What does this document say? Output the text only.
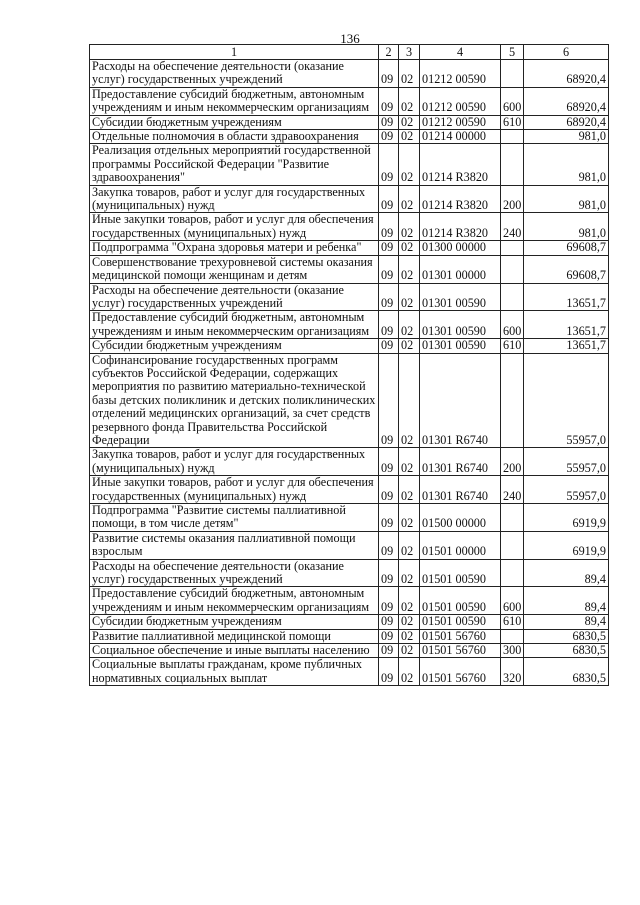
136
1	2	3	4	5	6
Расходы на обеспечение деятельности (оказание услуг) государственных учреждений	09	02	01212 00590		68920,4
Предоставление субсидий бюджетным, автономным учреждениям и иным некоммерческим организациям	09	02	01212 00590	600	68920,4
Субсидии бюджетным учреждениям	09	02	01212 00590	610	68920,4
Отдельные полномочия в области здравоохранения	09	02	01214 00000		981,0
Реализация отдельных мероприятий государственной программы Российской Федерации "Развитие здравоохранения"	09	02	01214 R3820		981,0
Закупка товаров, работ и услуг для государственных (муниципальных) нужд	09	02	01214 R3820	200	981,0
Иные закупки товаров, работ и услуг для обеспечения государственных (муниципальных) нужд	09	02	01214 R3820	240	981,0
Подпрограмма "Охрана здоровья матери и ребенка"	09	02	01300 00000		69608,7
Совершенствование трехуровневой системы оказания медицинской помощи женщинам и детям	09	02	01301 00000		69608,7
Расходы на обеспечение деятельности (оказание услуг) государственных учреждений	09	02	01301 00590		13651,7
Предоставление субсидий бюджетным, автономным учреждениям и иным некоммерческим организациям	09	02	01301 00590	600	13651,7
Субсидии бюджетным учреждениям	09	02	01301 00590	610	13651,7
Софинансирование государственных программ субъектов Российской Федерации, содержащих мероприятия по развитию материально-технической базы детских поликлиник и детских поликлинических отделений медицинских организаций, за счет средств резервного фонда Правительства Российской Федерации	09	02	01301 R6740		55957,0
Закупка товаров, работ и услуг для государственных (муниципальных) нужд	09	02	01301 R6740	200	55957,0
Иные закупки товаров, работ и услуг для обеспечения государственных (муниципальных) нужд	09	02	01301 R6740	240	55957,0
Подпрограмма "Развитие системы паллиативной помощи, в том числе детям"	09	02	01500 00000		6919,9
Развитие системы оказания паллиативной помощи взрослым	09	02	01501 00000		6919,9
Расходы на обеспечение деятельности (оказание услуг) государственных учреждений	09	02	01501 00590		89,4
Предоставление субсидий бюджетным, автономным учреждениям и иным некоммерческим организациям	09	02	01501 00590	600	89,4
Субсидии бюджетным учреждениям	09	02	01501 00590	610	89,4
Развитие паллиативной медицинской помощи	09	02	01501 56760		6830,5
Социальное обеспечение и иные выплаты населению	09	02	01501 56760	300	6830,5
Социальные выплаты гражданам, кроме публичных нормативных социальных выплат	09	02	01501 56760	320	6830,5
